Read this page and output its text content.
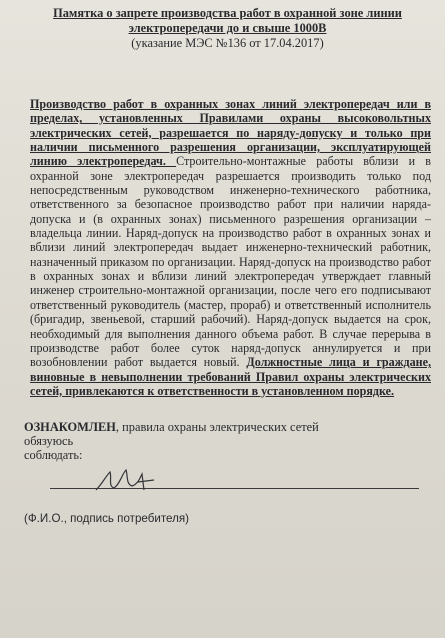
Памятка о запрете производства работ в охранной зоне линии электропередачи до и свыше 1000В

(указание МЭС №136 от 17.04.2017)

Производство работ в охранных зонах линий электропередач или в пределах, установленных Правилами охраны высоковольтных электрических сетей, разрешается по наряду-допуску и только при наличии письменного разрешения организации, эксплуатирующей линию электропередач. Строительно-монтажные работы вблизи и в охранной зоне электропередач разрешается производить только под непосредственным руководством инженерно-технического работника, ответственного за безопасное производство работ при наличии наряда-допуска и (в охранных зонах) письменного разрешения организации – владельца линии. Наряд-допуск на производство работ в охранных зонах и вблизи линий электропередач выдает инженерно-технический работник, назначенный приказом по организации. Наряд-допуск на производство работ в охранных зонах и вблизи линий электропередач утверждает главный инженер строительно-монтажной организации, после чего его подписывают ответственный руководитель (мастер, прораб) и ответственный исполнитель (бригадир, звеньевой, старший рабочий). Наряд-допуск выдается на срок, необходимый для выполнения данного объема работ. В случае перерыва в производстве работ более суток наряд-допуск аннулируется и при возобновлении работ выдается новый. Должностные лица и граждане, виновные в невыполнении требований Правил охраны электрических сетей, привлекаются к ответственности в установленном порядке.

ОЗНАКОМЛЕН, правила охраны электрических сетей
обязуюсь
соблюдать:
(Ф.И.О., подпись потребителя)
